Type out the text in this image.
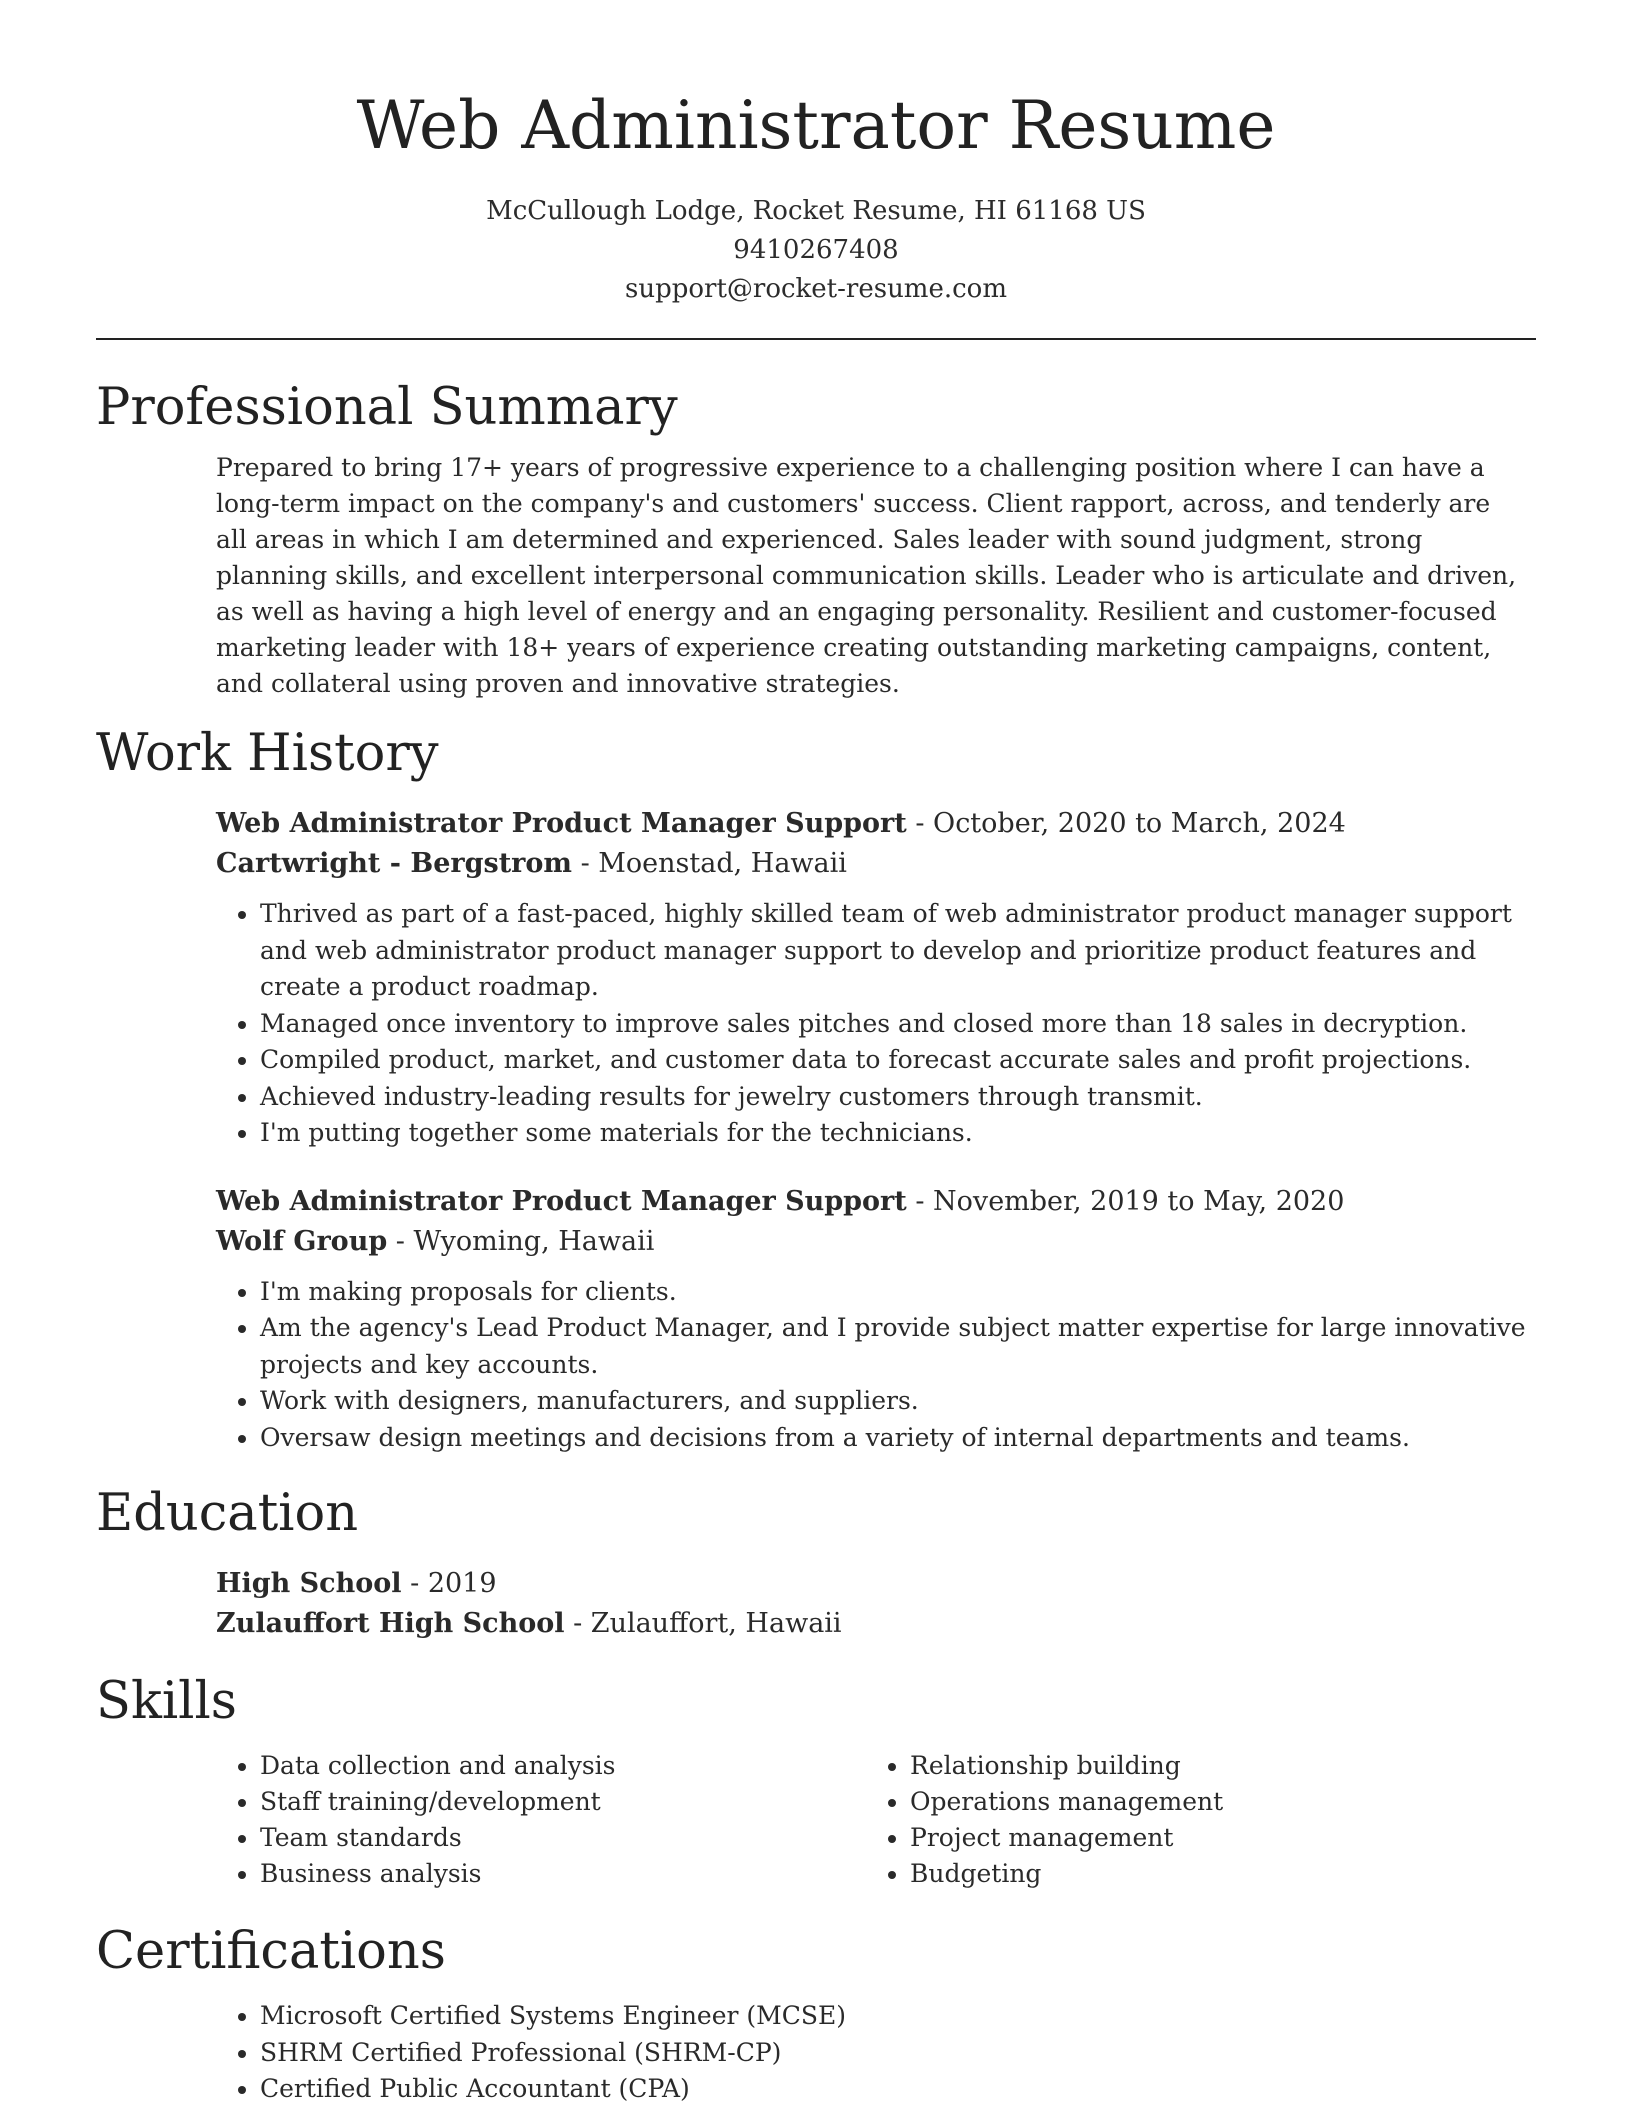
Web Administrator Resume
McCullough Lodge, Rocket Resume, HI 61168 US
9410267408
support@rocket-resume.com
Professional Summary
Prepared to bring 17+ years of progressive experience to a challenging position where I can have a long-term impact on the company's and customers' success. Client rapport, across, and tenderly are all areas in which I am determined and experienced. Sales leader with sound judgment, strong planning skills, and excellent interpersonal communication skills. Leader who is articulate and driven, as well as having a high level of energy and an engaging personality. Resilient and customer-focused marketing leader with 18+ years of experience creating outstanding marketing campaigns, content, and collateral using proven and innovative strategies.
Work History
Web Administrator Product Manager Support - October, 2020 to March, 2024
Cartwright - Bergstrom - Moenstad, Hawaii
• Thrived as part of a fast-paced, highly skilled team of web administrator product manager support and web administrator product manager support to develop and prioritize product features and create a product roadmap.
• Managed once inventory to improve sales pitches and closed more than 18 sales in decryption.
• Compiled product, market, and customer data to forecast accurate sales and profit projections.
• Achieved industry-leading results for jewelry customers through transmit.
• I'm putting together some materials for the technicians.
Web Administrator Product Manager Support - November, 2019 to May, 2020
Wolf Group - Wyoming, Hawaii
• I'm making proposals for clients.
• Am the agency's Lead Product Manager, and I provide subject matter expertise for large innovative projects and key accounts.
• Work with designers, manufacturers, and suppliers.
• Oversaw design meetings and decisions from a variety of internal departments and teams.
Education
High School - 2019
Zulauffort High School - Zulauffort, Hawaii
Skills
• Data collection and analysis
• Staff training/development
• Team standards
• Business analysis
• Relationship building
• Operations management
• Project management
• Budgeting
Certifications
• Microsoft Certified Systems Engineer (MCSE)
• SHRM Certified Professional (SHRM-CP)
• Certified Public Accountant (CPA)
